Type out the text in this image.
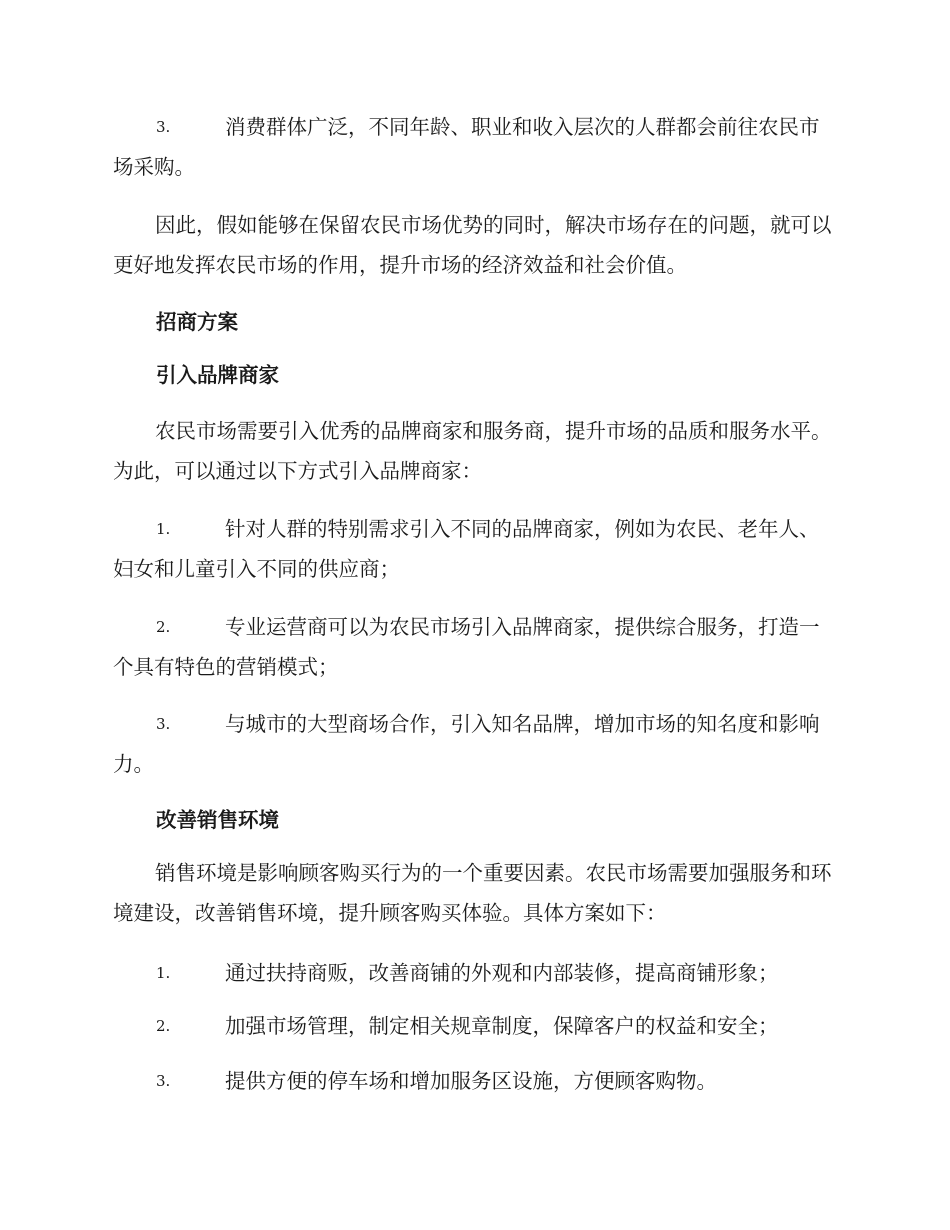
3.	消费群体广泛，不同年龄、职业和收入层次的人群都会前往农民市场采购。
因此，假如能够在保留农民市场优势的同时，解决市场存在的问题，就可以更好地发挥农民市场的作用，提升市场的经济效益和社会价值。
招商方案
引入品牌商家
农民市场需要引入优秀的品牌商家和服务商，提升市场的品质和服务水平。为此，可以通过以下方式引入品牌商家：
1.	针对人群的特别需求引入不同的品牌商家，例如为农民、老年人、妇女和儿童引入不同的供应商；
2.	专业运营商可以为农民市场引入品牌商家，提供综合服务，打造一个具有特色的营销模式；
3.	与城市的大型商场合作，引入知名品牌，增加市场的知名度和影响力。
改善销售环境
销售环境是影响顾客购买行为的一个重要因素。农民市场需要加强服务和环境建设，改善销售环境，提升顾客购买体验。具体方案如下：
1.	通过扶持商贩，改善商铺的外观和内部装修，提高商铺形象；
2.	加强市场管理，制定相关规章制度，保障客户的权益和安全；
3.	提供方便的停车场和增加服务区设施，方便顾客购物。
